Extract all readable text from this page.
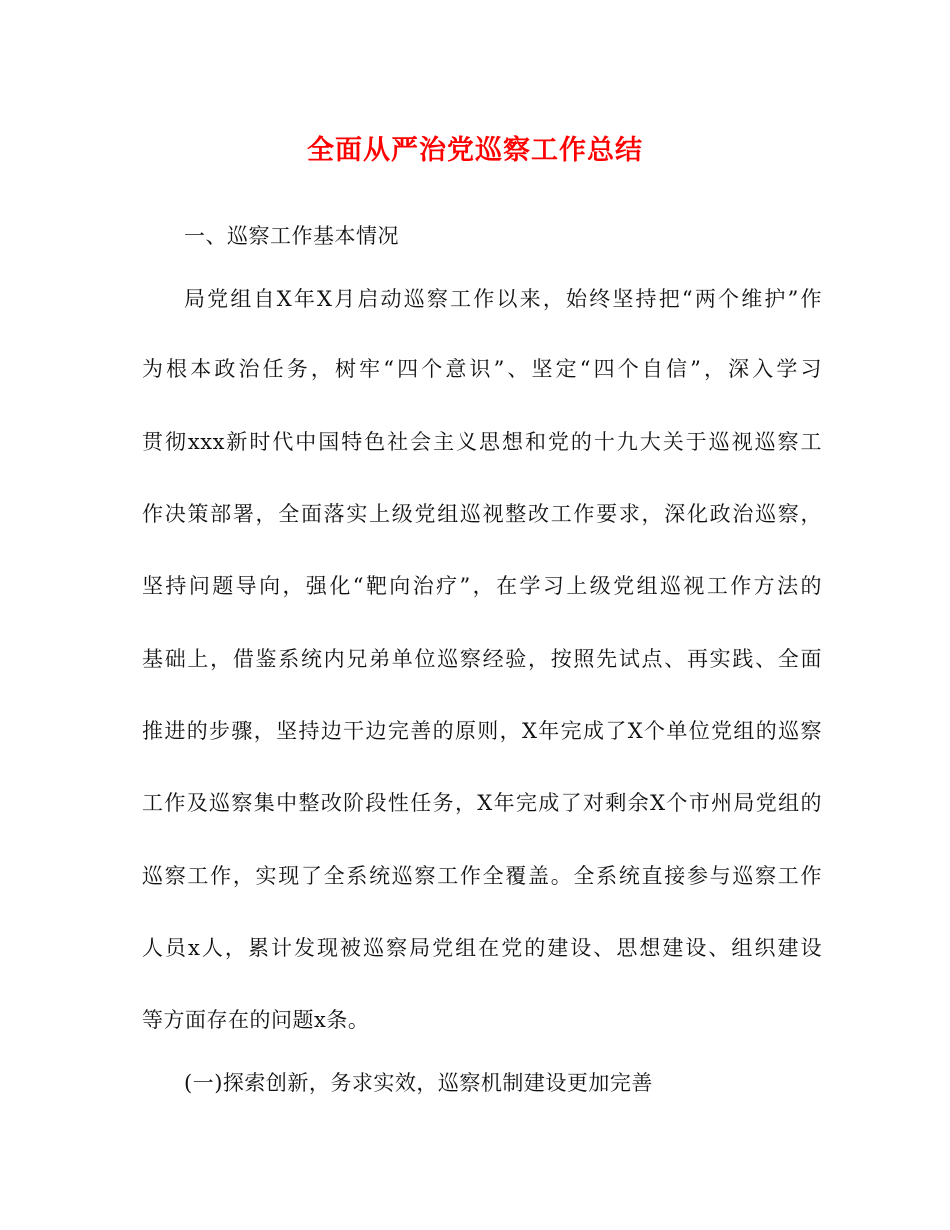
全面从严治党巡察工作总结
一、巡察工作基本情况
局党组自X年X月启动巡察工作以来，始终坚持把“两个维护”作
为根本政治任务，树牢“四个意识”、坚定“四个自信”，深入学习
贯彻xxx新时代中国特色社会主义思想和党的十九大关于巡视巡察工
作决策部署，全面落实上级党组巡视整改工作要求，深化政治巡察，
坚持问题导向，强化“靶向治疗”，在学习上级党组巡视工作方法的
基础上，借鉴系统内兄弟单位巡察经验，按照先试点、再实践、全面
推进的步骤，坚持边干边完善的原则，X年完成了X个单位党组的巡察
工作及巡察集中整改阶段性任务，X年完成了对剩余X个市州局党组的
巡察工作，实现了全系统巡察工作全覆盖。全系统直接参与巡察工作
人员x人，累计发现被巡察局党组在党的建设、思想建设、组织建设
等方面存在的问题x条。
(一)探索创新，务求实效，巡察机制建设更加完善
